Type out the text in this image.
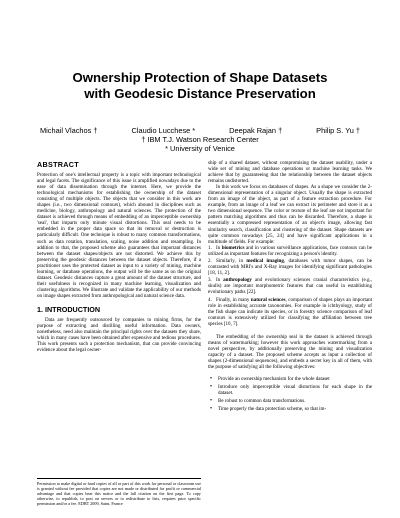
Ownership Protection of Shape Datasets
with Geodesic Distance Preservation
Michail Vlachos †	Claudio Lucchese *	Deepak Rajan †	Philip S. Yu †
† IBM T.J. Watson Research Center
* University of Venice
ABSTRACT

Protection of one's intellectual property is a topic with important technological and legal facets. The significance of this issue is amplified nowadays due to the ease of data dissemination through the internet. Here, we provide the technological mechanisms for establishing the ownership of the dataset consisting of multiple objects. The objects that we consider in this work are shapes (i.e., two dimensional contours), which abound in disciplines such as medicine, biology, anthropology and natural sciences. The protection of the dataset is achieved through means of embedding of an imperceptible ownership 'seal', that imparts only minute visual distortions. This seal needs to be embedded in the proper data space so that its removal or destruction is particularly difficult. One technique is robust to many common transformations, such as data rotation, translation, scaling, noise addition and resampling. In addition to that, the proposed scheme also guarantees that important distances between the dataset shapes/objects are not distorted. We achieve this by preserving the geodesic distances between the dataset objects. Therefore, if a practitioner uses the protected dataset as input to a variety of mining, machine learning, or database operations, the output will be the same as on the original dataset. Geodesic distances capture a great amount of the dataset structure, and their usefulness is recognized in many machine learning, visualization and clustering algorithms. We illustrate and validate the applicability of our methods on image shapes extracted from anthropological and natural science data.

1. INTRODUCTION

Data are frequently outsourced by companies to mining firms, for the purpose of extracting and distilling useful information. Data owners, nonetheless, need also maintain the principal rights over the datasets they share, which in many cases have been obtained after expensive and tedious procedures. This work presents such a protection mechanism, that can provide convincing evidence about the legal owner-

Permission to make digital or hard copies of all or part of this work for personal or classroom use is granted without fee provided that copies are not made or distributed for profit or commercial advantage and that copies bear this notice and the full citation on the first page. To copy otherwise, to republish, to post on servers or to redistribute to lists, requires prior specific permission and/or a fee. EDBT 2009, Saint, France

ship of a shared dataset, without compromising the dataset usability, under a wide set of mining and database operations or machine learning tasks. We achieve that by guaranteeing that the relationship between the dataset objects remains undistorted.

In this work we focus on databases of shapes. As a shape we consider the 2-dimensional representation of a singular object. Usually the shape is extracted from an image of the object, as part of a feature extraction procedure. For example, from an image of a leaf we can extract its perimeter and store it as a two dimensional sequence. The color or texture of the leaf are not important for pattern matching algorithms and thus can be discarded. Therefore, a shape is essentially a compressed representation of an object's image, allowing fast similarity search, classification and clustering of the dataset. Shape datasets are quite common nowadays [25, 24] and have significant applications in a multitude of fields. For example:

1. In biometrics and in various surveillance applications, face contours can be utilized as important features for recognizing a person's identity.
2. Similarly, in medical imaging, databases with tumor shapes, can be contrasted with MRI's and X-Ray images for identifying significant pathologies [18, 11, 2].
3. In anthropology and evolutionary sciences cranial characteristics (e.g., skulls) are important morphometric features that can useful in establishing evolutionary paths [22].
4. Finally, in many natural sciences, comparison of shapes plays an important role in establishing accurate taxonomies. For example in ichthyology, study of the fish shape can indicate its species, or in forestry science comparison of leaf contours is extensively utilized for classifying the affiliation between tree species [10, 7].

The embedding of the ownership seal in the dataset is achieved through means of watermarking; however this work approaches watermarking from a novel perspective, by additionally preserving the mining and visualization capacity of a dataset. The proposed scheme accepts as input a collection of shapes (2-dimensional sequences), and embeds a secret key in all of them, with the purpose of satisfying all the following objectives:

• Provide an ownership mechanism for the whole dataset
• Introduce only imperceptible visual distortions for each shape in the dataset.
• Be robust to common data transformations.
• Time properly the data protection scheme, so that im-
